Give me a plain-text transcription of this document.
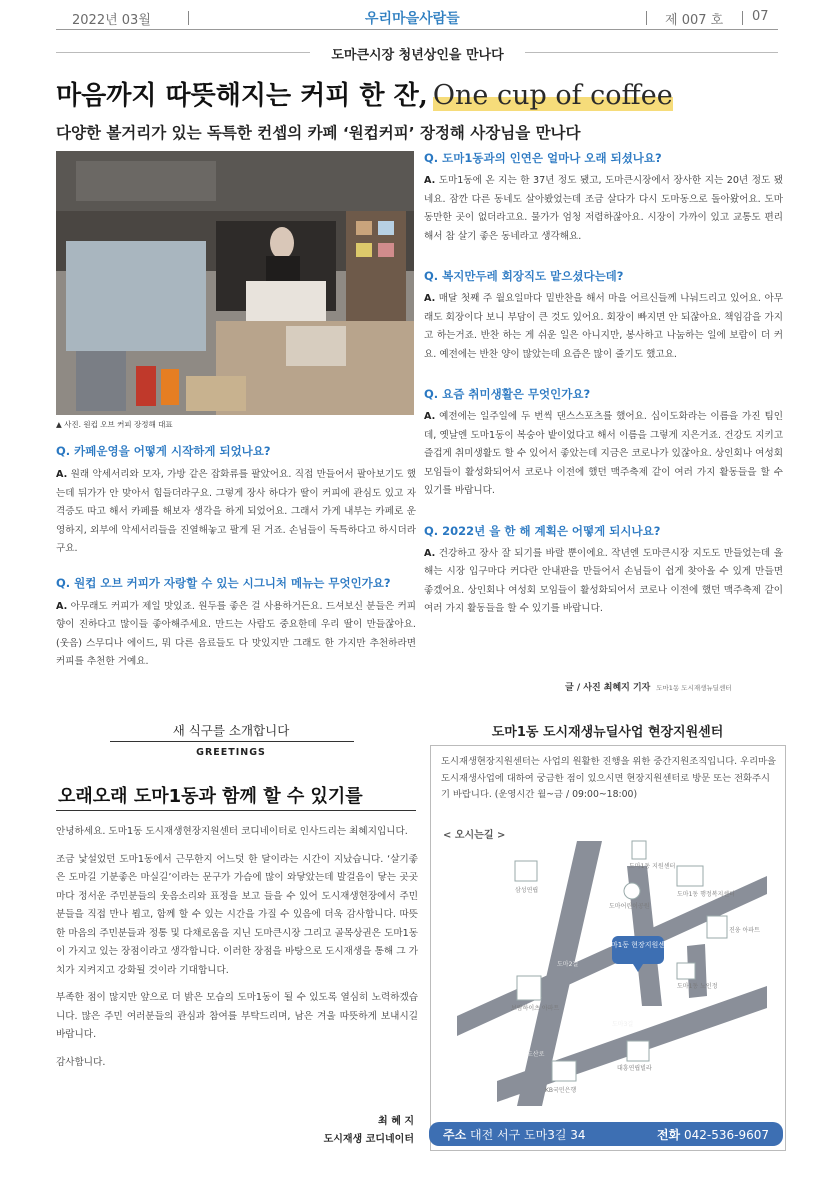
2022년 03월	우리마을사람들	제 007 호 07
도마큰시장 청년상인을 만나다
마음까지 따뜻해지는 커피 한 잔, One cup of coffee
다양한 볼거리가 있는 독특한 컨셉의 카페 ‘원컵커피’ 장정해 사장님을 만나다
▲ 사진. 원컵 오브 커피 장정해 대표
Q. 카페운영을 어떻게 시작하게 되었나요?
A. 원래 악세서리와 모자, 가방 같은 잡화류를 팔았어요. 직접 만들어서 팔아보기도 했는데 뒤가가 안 맞아서 힘들더라구요. 그렇게 장사 하다가 딸이 커피에 관심도 있고 자격증도 따고 해서 카페를 해보자 생각을 하게 되었어요. 그래서 가게 내부는 카페로 운영하지, 외부에 악세서리들을 진열해놓고 팔게 된 거죠. 손님들이 독특하다고 하시더라구요.
Q. 원컵 오브 커피가 자랑할 수 있는 시그니처 메뉴는 무엇인가요?
A. 아무래도 커피가 제일 맛있죠. 원두를 좋은 걸 사용하거든요. 드셔보신 분들은 커피 향이 진하다고 많이들 좋아해주세요. 만드는 사람도 중요한데 우리 딸이 만들잖아요.(웃음) 스무디나 에이드, 뭐 다른 음료들도 다 맛있지만 그래도 한 가지만 추천하라면 커피를 추천한 거예요.
Q. 도마1동과의 인연은 얼마나 오래 되셨나요?
A. 도마1동에 온 지는 한 37년 정도 됐고, 도마큰시장에서 장사한 지는 20년 정도 됐네요. 잠깐 다른 동네도 살아봤었는데 조금 살다가 다시 도마동으로 돌아왔어요. 도마동만한 곳이 없더라고요. 물가가 엄청 저렴하잖아요. 시장이 가까이 있고 교통도 편리해서 참 살기 좋은 동네라고 생각해요.
Q. 복지만두레 회장직도 맡으셨다는데?
A. 매달 첫째 주 월요일마다 밑반찬을 해서 마을 어르신들께 나눠드리고 있어요. 아무래도 회장이다 보니 부담이 큰 것도 있어요. 회장이 빠지면 안 되잖아요. 책임감을 가지고 하는거죠. 반찬 하는 게 쉬운 일은 아니지만, 봉사하고 나눔하는 일에 보람이 더 커요. 예전에는 반찬 양이 많았는데 요즘은 많이 줄기도 했고요.
Q. 요즘 취미생활은 무엇인가요?
A. 예전에는 일주일에 두 번씩 댄스스포츠를 했어요. 십이도화라는 이름을 가진 팀인데, 옛날엔 도마1동이 복숭아 밭이었다고 해서 이름을 그렇게 지은거죠. 건강도 지키고 즐겁게 취미생활도 할 수 있어서 좋았는데 지금은 코로나가 있잖아요. 상인회나 여성회 모임들이 활성화되어서 코로나 이전에 했던 맥주축제 같이 여러 가지 활동들을 할 수 있기를 바랍니다.
Q. 2022년 을 한 해 계획은 어떻게 되시나요?
A. 건강하고 장사 잘 되기를 바랄 뿐이에요. 작년엔 도마큰시장 지도도 만들었는데 올해는 시장 입구마다 커다란 안내판을 만들어서 손님들이 쉽게 찾아올 수 있게 만들면 좋겠어요. 상인회나 여성회 모임들이 활성화되어서 코로나 이전에 했던 맥주축제 같이 여러 가지 활동들을 할 수 있기를 바랍니다.
글 / 사진 최혜지 기자 도마1동 도시재생뉴딜센터
새 식구를 소개합니다
GREETINGS
오래오래 도마1동과 함께 할 수 있기를
안녕하세요. 도마1동 도시재생현장지원센터 코디네이터로 인사드리는 최혜지입니다.
조금 낯설었던 도마1동에서 근무한지 어느덧 한 달이라는 시간이 지났습니다. ‘살기좋은 도마길 기분좋은 마실길’이라는 문구가 가슴에 많이 와닿았는데 발걸음이 닿는 곳곳마다 정서운 주민분들의 웃음소리와 표정을 보고 들을 수 있어 도시재생현장에서 주민분들을 직접 만나 뵙고, 함께 할 수 있는 시간을 가질 수 있음에 더욱 감사합니다. 따뜻한 마음의 주민분들과 정통 및 다채로움을 지닌 도마큰시장 그리고 골목상권은 도마1동이 가지고 있는 장점이라고 생각합니다. 이러한 장점을 바탕으로 도시재생을 통해 그 가치가 지켜지고 강화될 것이라 기대합니다.
부족한 점이 많지만 앞으로 더 밝은 모습의 도마1동이 될 수 있도록 열심히 노력하겠습니다. 많은 주민 여러분들의 관심과 참여를 부탁드리며, 남은 겨울 따뜻하게 보내시길 바랍니다.
감사합니다.
최 혜 지
도시재생 코디네이터
도마1동 도시재생뉴딜사업 현장지원센터
도시재생현장지원센터는 사업의 원활한 진행을 위한 중간지원조직입니다. 우리마을 도시재생사업에 대하여 궁금한 점이 있으시면 현장지원센터로 방문 또는 전화주시기 바랍니다. (운영시간 월~금 / 09:00~18:00)
< 오시는길 >
도마1동 현장지원센터
도마1동 지원센터
도마1동 행정복지센터
도마어린이공원
삼성연립
진웅 아파트
도마1동 노인정
보람하이츠 아파트
KB국민은행
대흥연립빌라
도마2길
도마3길
도산로
주소 대전 서구 도마3길 34	전화 042-536-9607
